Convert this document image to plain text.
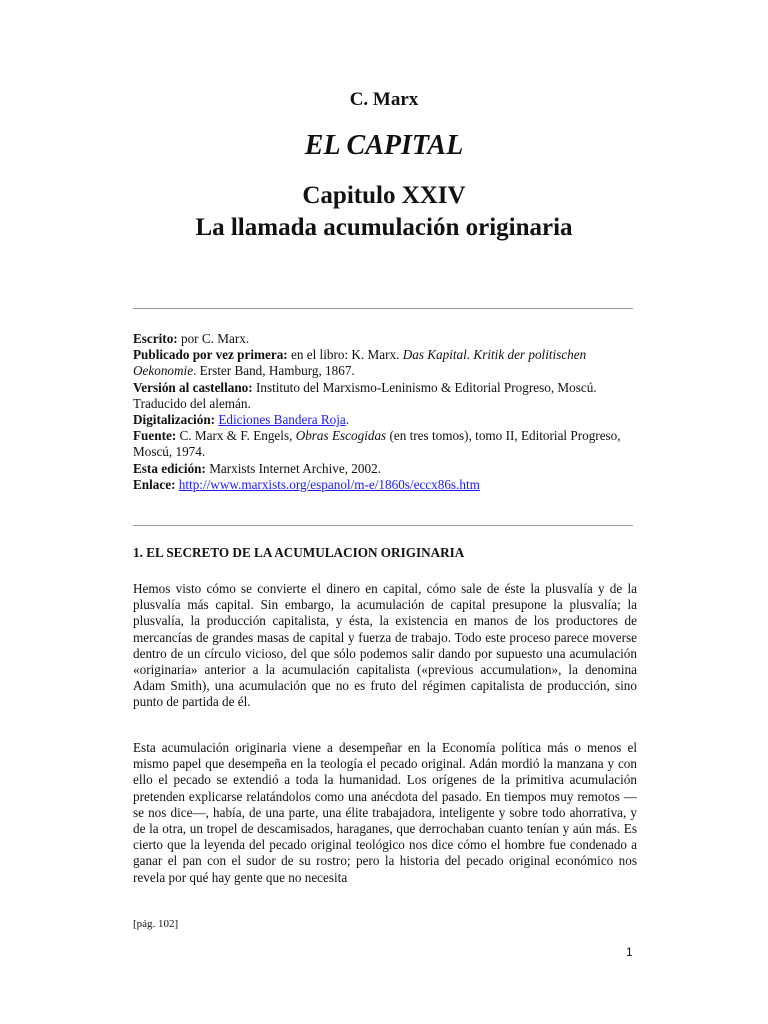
C. Marx
EL CAPITAL
Capitulo XXIV
La llamada acumulación originaria
Escrito: por C. Marx.
Publicado por vez primera: en el libro: K. Marx. Das Kapital. Kritik der politischen Oekonomie. Erster Band, Hamburg, 1867.
Versión al castellano: Instituto del Marxismo-Leninismo & Editorial Progreso, Moscú. Traducido del alemán.
Digitalización: Ediciones Bandera Roja.
Fuente: C. Marx & F. Engels, Obras Escogidas (en tres tomos), tomo II, Editorial Progreso, Moscú, 1974.
Esta edición: Marxists Internet Archive, 2002.
Enlace: http://www.marxists.org/espanol/m-e/1860s/eccx86s.htm
1. EL SECRETO DE LA ACUMULACION ORIGINARIA

Hemos visto cómo se convierte el dinero en capital, cómo sale de éste la plusvalía y de la plusvalía más capital. Sin embargo, la acumulación de capital presupone la plusvalía; la plusvalía, la producción capitalista, y ésta, la existencia en manos de los productores de mercancías de grandes masas de capital y fuerza de trabajo. Todo este proceso parece moverse dentro de un círculo vicioso, del que sólo podemos salir dando por supuesto una acumulación «originaria» anterior a la acumulación capitalista («previous accumulation», la denomina Adam Smith), una acumulación que no es fruto del régimen capitalista de producción, sino punto de partida de él.

Esta acumulación originaria viene a desempeñar en la Economía política más o menos el mismo papel que desempeña en la teología el pecado original. Adán mordió la manzana y con ello el pecado se extendió a toda la humanidad. Los orígenes de la primitiva acumulación pretenden explicarse relatándolos como una anécdota del pasado. En tiempos muy remotos —se nos dice—, había, de una parte, una élite trabajadora, inteligente y sobre todo ahorrativa, y de la otra, un tropel de descamisados, haraganes, que derrochaban cuanto tenían y aún más. Es cierto que la leyenda del pecado original teológico nos dice cómo el hombre fue condenado a ganar el pan con el sudor de su rostro; pero la historia del pecado original económico nos revela por qué hay gente que no necesita

[pág. 102]
1
